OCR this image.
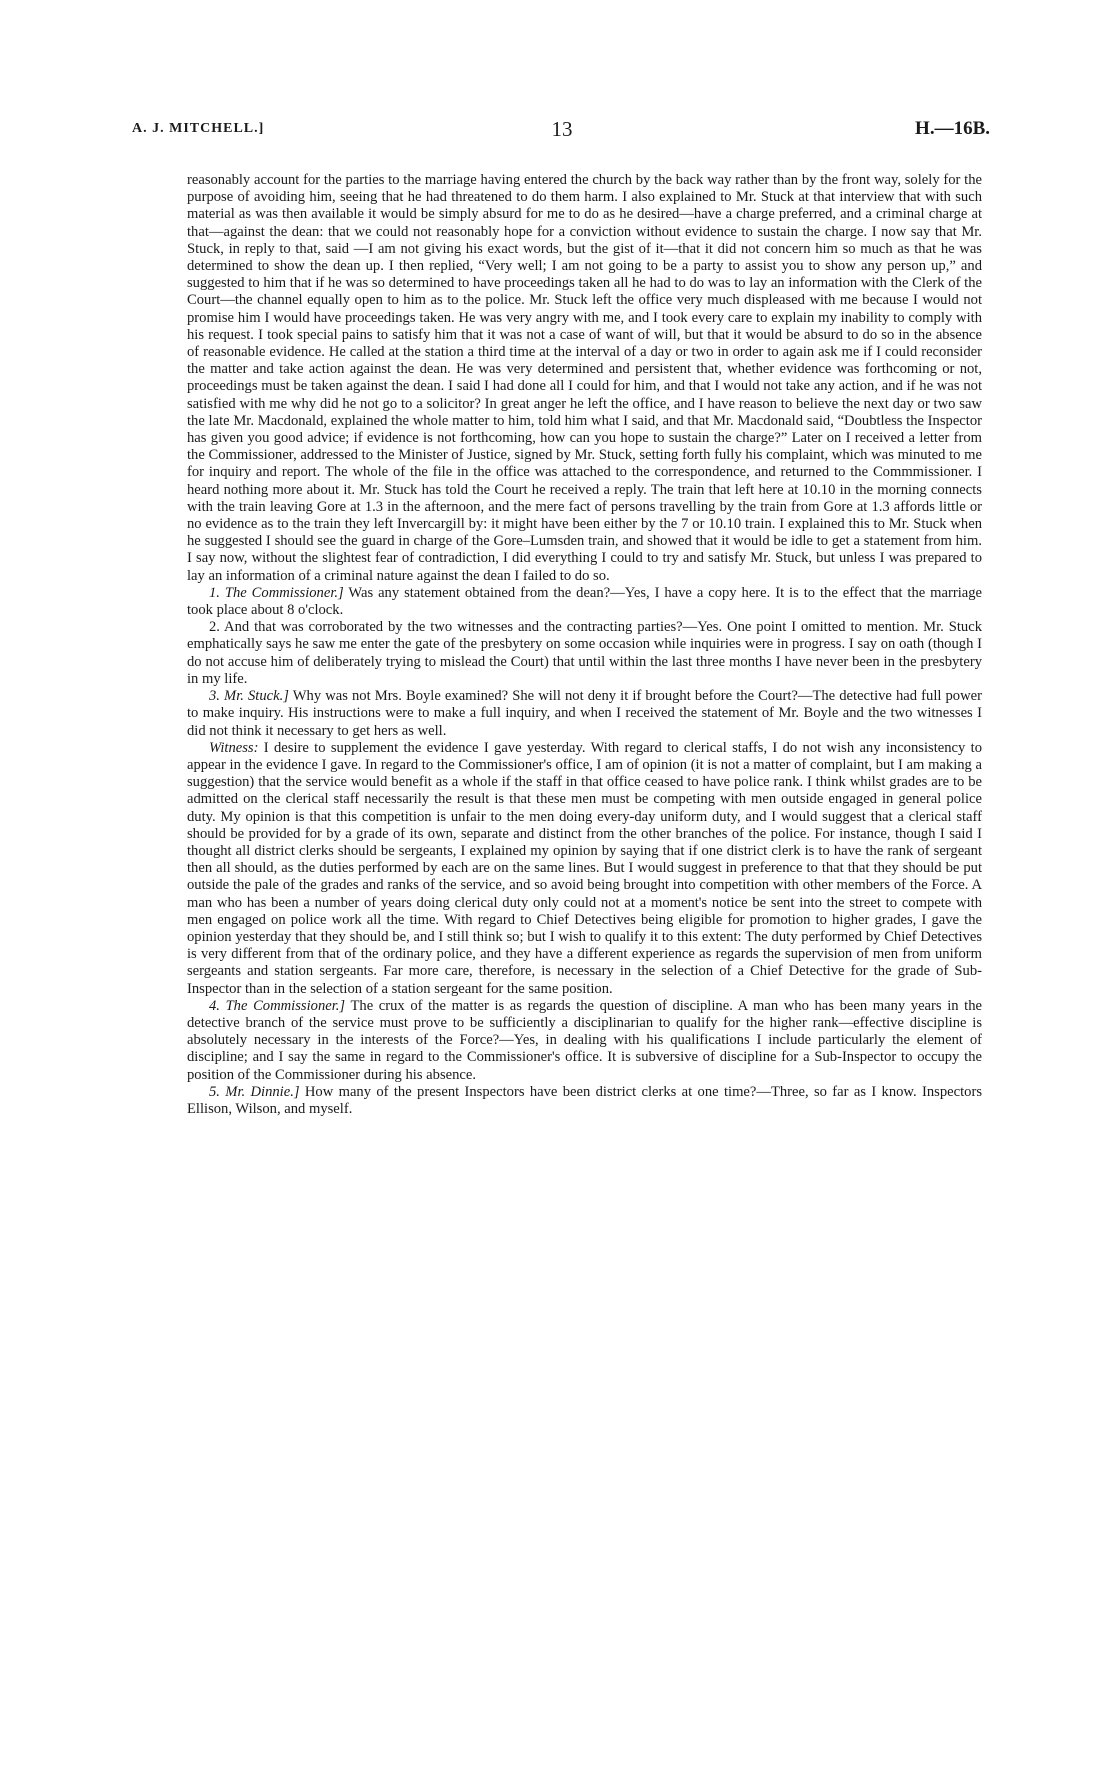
A. J. MITCHELL.]	13	H.—16B.

reasonably account for the parties to the marriage having entered the church by the back way rather than by the front way, solely for the purpose of avoiding him, seeing that he had threatened to do them harm. I also explained to Mr. Stuck at that interview that with such material as was then available it would be simply absurd for me to do as he desired—have a charge preferred, and a criminal charge at that—against the dean: that we could not reasonably hope for a conviction without evidence to sustain the charge. I now say that Mr. Stuck, in reply to that, said —I am not giving his exact words, but the gist of it—that it did not concern him so much as that he was determined to show the dean up. I then replied, “Very well; I am not going to be a party to assist you to show any person up,” and suggested to him that if he was so determined to have proceedings taken all he had to do was to lay an information with the Clerk of the Court—the channel equally open to him as to the police. Mr. Stuck left the office very much displeased with me because I would not promise him I would have proceedings taken. He was very angry with me, and I took every care to explain my inability to comply with his request. I took special pains to satisfy him that it was not a case of want of will, but that it would be absurd to do so in the absence of reasonable evidence. He called at the station a third time at the interval of a day or two in order to again ask me if I could reconsider the matter and take action against the dean. He was very determined and persistent that, whether evidence was forthcoming or not, proceedings must be taken against the dean. I said I had done all I could for him, and that I would not take any action, and if he was not satisfied with me why did he not go to a solicitor? In great anger he left the office, and I have reason to believe the next day or two saw the late Mr. Macdonald, explained the whole matter to him, told him what I said, and that Mr. Macdonald said, “Doubtless the Inspector has given you good advice; if evidence is not forthcoming, how can you hope to sustain the charge?” Later on I received a letter from the Commissioner, addressed to the Minister of Justice, signed by Mr. Stuck, setting forth fully his complaint, which was minuted to me for inquiry and report. The whole of the file in the office was attached to the correspondence, and returned to the Commmissioner. I heard nothing more about it. Mr. Stuck has told the Court he received a reply. The train that left here at 10.10 in the morning connects with the train leaving Gore at 1.3 in the afternoon, and the mere fact of persons travelling by the train from Gore at 1.3 affords little or no evidence as to the train they left Invercargill by: it might have been either by the 7 or 10.10 train. I explained this to Mr. Stuck when he suggested I should see the guard in charge of the Gore–Lumsden train, and showed that it would be idle to get a statement from him. I say now, without the slightest fear of contradiction, I did everything I could to try and satisfy Mr. Stuck, but unless I was prepared to lay an information of a criminal nature against the dean I failed to do so.

1. The Commissioner.] Was any statement obtained from the dean?—Yes, I have a copy here. It is to the effect that the marriage took place about 8 o'clock.

2. And that was corroborated by the two witnesses and the contracting parties?—Yes. One point I omitted to mention. Mr. Stuck emphatically says he saw me enter the gate of the presbytery on some occasion while inquiries were in progress. I say on oath (though I do not accuse him of deliberately trying to mislead the Court) that until within the last three months I have never been in the presbytery in my life.

3. Mr. Stuck.] Why was not Mrs. Boyle examined? She will not deny it if brought before the Court?—The detective had full power to make inquiry. His instructions were to make a full inquiry, and when I received the statement of Mr. Boyle and the two witnesses I did not think it necessary to get hers as well.

Witness: I desire to supplement the evidence I gave yesterday. With regard to clerical staffs, I do not wish any inconsistency to appear in the evidence I gave. In regard to the Commissioner's office, I am of opinion (it is not a matter of complaint, but I am making a suggestion) that the service would benefit as a whole if the staff in that office ceased to have police rank. I think whilst grades are to be admitted on the clerical staff necessarily the result is that these men must be competing with men outside engaged in general police duty. My opinion is that this competition is unfair to the men doing every-day uniform duty, and I would suggest that a clerical staff should be provided for by a grade of its own, separate and distinct from the other branches of the police. For instance, though I said I thought all district clerks should be sergeants, I explained my opinion by saying that if one district clerk is to have the rank of sergeant then all should, as the duties performed by each are on the same lines. But I would suggest in preference to that that they should be put outside the pale of the grades and ranks of the service, and so avoid being brought into competition with other members of the Force. A man who has been a number of years doing clerical duty only could not at a moment's notice be sent into the street to compete with men engaged on police work all the time. With regard to Chief Detectives being eligible for promotion to higher grades, I gave the opinion yesterday that they should be, and I still think so; but I wish to qualify it to this extent: The duty performed by Chief Detectives is very different from that of the ordinary police, and they have a different experience as regards the supervision of men from uniform sergeants and station sergeants. Far more care, therefore, is necessary in the selection of a Chief Detective for the grade of Sub-Inspector than in the selection of a station sergeant for the same position.

4. The Commissioner.] The crux of the matter is as regards the question of discipline. A man who has been many years in the detective branch of the service must prove to be sufficiently a disciplinarian to qualify for the higher rank—effective discipline is absolutely necessary in the interests of the Force?—Yes, in dealing with his qualifications I include particularly the element of discipline; and I say the same in regard to the Commissioner's office. It is subversive of discipline for a Sub-Inspector to occupy the position of the Commissioner during his absence.

5. Mr. Dinnie.] How many of the present Inspectors have been district clerks at one time?—Three, so far as I know. Inspectors Ellison, Wilson, and myself.
